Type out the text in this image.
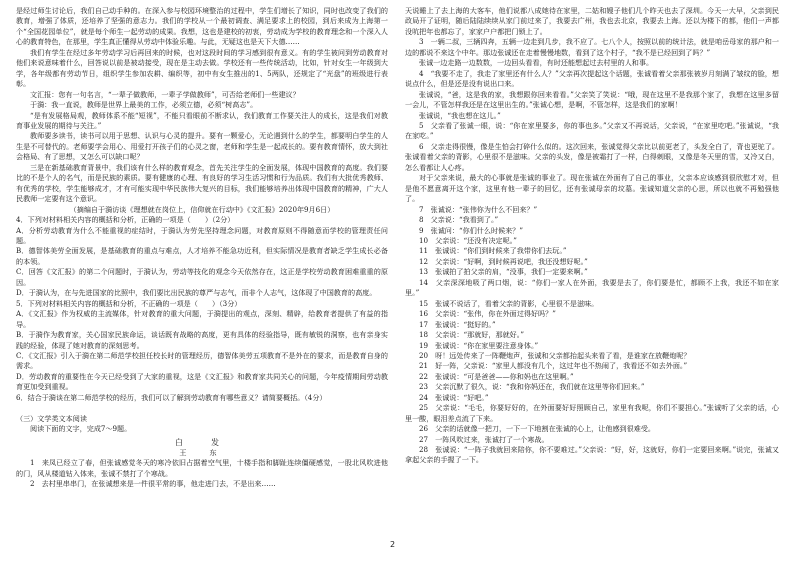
是经过师生讨论后，我们自己动手种的。在深入参与校园环境整治的过程中，学生们增长了知识，同时也改变了我们的教育，增强了体质，还培养了坚强的意志力。我们的学校从一个最初调查、满足要求上的校园，到后来成为上海第一个“全国花园单位”，就是每个师生一起劳动的成果。我想，这也是建校的初衷，劳动成为学校的教育理念和一个深入人心的教育特色，在那里，学生真正懂得从劳动中体验乐趣。与此，无疑这也是天下大德……

我们有学生在经过多年劳动学习后再回来的时候，也对这段时间的学习感到很有意义。有的学生被问到劳动教育对他们来说意味着什么，回答说以前是被动接受，现在是主动去做。学校还有一些传统活动，比如，针对女生一年级到大学，各年级都有劳动节日，组织学生参加农耕、编织等，初中有女生推出的1、5两队，还规定了“光盘”的班级进行表彰。

文汇报：您有一句名言，“一辈子做教师，一辈子学做教师”，可否给老师们一些建议？

于漪：我一直说，教师是世界上最美的工作，必须立德，必须“树高志”。

“是有发展格局观，教师体系不能“短视”，不能只看眼前不断求认，我们教育工作要关注人的成长，这是我们对教育事业发展的期待与关注。”

教师要多读书，读书可以用于思想、认识与心灵的提升。要有一颗爱心，无论遇到什么的学生，都要明白学生的人生是不可替代的。老师要学会用心、用爱打开孩子们的心灵之窗，老师和学生是一起成长的。要有教育情怀，放大到社会格局、有了思想，又怎么可以缺口呢？

三是在新基础教育背景中，我们该有什么样的教育观念，首先关注学生的全面发展，体现中国教育的高度。我们要比的不是个人的名气，而是民族的素质。要有健康的心理、有良好的学习生活习惯和行为品质。我们有大批优秀教师、有优秀的学校，学生能够成才，才有可能实现中华民族伟大复兴的目标，我们能够培养出体现中国教育的精神，广大人民教师一定要有这个意识。

（摘编自于漪访谈《理想就在岗位上，信仰就在行动中》《文汇报》2020年9月6日）

4．下列对材料相关内容的概括和分析，正确的一项是（　　）（2分）

A．分析劳动教育为什么不能重视的症结时，于漪认为劳先坚持理念问题，对教育原则不得随意而学校的管理责任问题。

B．德智体美劳全面发展，是基础教育的重点与难点，人才培养不能急功近利，但实际情况是教育者缺乏学生成长必备的本领。

C．回答《文汇报》的第二个问题时，于漪认为，劳动等技化的观念今天依然存在，这正是学校劳动教育困难重重的原因。

D．于漪认为，在与先进国家的比照中，我们要比出民族的尊严与志气，而非个人志气，这体现了中国教育的高度。

5．下列对材料相关内容的概括和分析，不正确的一项是（　　）（3分）

A．《文汇报》作为权威的主流媒体，针对教育的重大问题，于漪提出的观点，深刻、精辟，给教育者提供了有益的指导。

B．于漪作为教育家，关心国家民族命运，谈话既有战略的高度，更有具体的经验指导，既有敏锐的洞察，也有亲身实践的经验，体现了她对教育的深刻思考。

C．《文汇报》引入于漪在第二师范学校担任校长时的管理经历，德智体美劳五项教育不是外在的要求，而是教育自身的需求。

D．劳动教育的重要性在今天已经受到了大家的重视，这是《文汇报》和教育家共同关心的问题，今年疫情期间劳动教育更加受到重视。

6．结合于漪谈在第二师范学校的经历，我们可以了解到劳动教育有哪些意义？请简要概括。（4分）

（三）文学类文本阅读

阅读下面的文字，完成7～9题。

白　发

王　东

1　来凤已经立了春，但张诚感觉冬天的寒冷依旧占据着空气里，十楼手指和脚趾连续僵硬感觉，一股北风吹进他的门，风从楼道钻入体来，张诚不禁打了个寒战。

2　去村里串串门，在张诚想来是一件很平常的事，他走进门去，不是出来……

天说睡上了去上海的大客车，他们说都八成她待在家里，二姑和嫂子他们几个昨天也去了深圳。今天一大早，父亲到民政局开了证明，随后陆陆续续从家门前过来了，我要去广州，我也去北京，我要去上海。还以为楼下的都，他们一声都没吭把年也都忘了，家家户户都把门锁上了。

3　一辆二叔，三辆四奔，五辆一边走到几步，我不应了。七八个人，按照以前的统计法，就是咱岳母家的那户和一边的都说不来这个中年。那边张诚还在走着慢慢地数，看到了这个村子，“我不是已经回到了吗？”

张诚一边走路一边数数，一边回头看看，有时还能想起过去村里的人和事。

4　“我要不走了，我走了家里还有什么人？”父亲再次提起这个话题，张诚看着父亲那张被岁月刻满了皱纹的脸，想说点什么，但是还是没有说出口来。

张诚说，“爸，这是我的家，我想跟你回来看看。”父亲笑了笑说：“哦，现在这里不是我那个家了，我想在这里多留一会儿，不管怎样我还是在这里出生的。”张诚心想，是啊，不管怎样，这是我们的家啊！

张诚说，“我也想在这儿。”

5　父亲看了张诚一眼，说：“你在家里要多，你的事也多。”父亲又不再说话，父亲说，“在家里吃吧。”张诚说，“我在家吃。”

6　父亲走得很慢，像是生怕会打碎什么似的。这次回来，张诚觉得父亲比以前更老了，头发全白了，背也更驼了。张诚看着父亲的背影，心里很不是滋味。父亲的头发，像是被霜打了一样，白得刺眼，又像是冬天里的雪，又冷又白，怎么看都让人心疼。

对于父亲来说，最大的心事就是张诚的事业了。现在张诚在外面有了自己的事业，父亲本应该感到很欣慰才对，但是他不愿意离开这个家，这里有他一辈子的回忆，还有张诚母亲的坟墓。张诚知道父亲的心思，所以也就不再勉强他了。

7　张诚说：“张伟你为什么不回来？”

8　父亲说：“我看到了。”

9　张诚问：“你们什么时候来？”

10　父亲说：“还没有决定呢。”

11　张诚说：“你们到时候来了我带你们去玩。”

12　父亲说：“好啊，到时候再说吧，我还没想好呢。”

13　张诚拍了拍父亲的肩，“没事，我们一定要来啊。”

14　父亲深深地吸了两口烟，说：“你们一家人在外面，我要是去了，你们要是忙，都顾不上我，我还不如在家里。”

15　张诚不说话了，看着父亲的背影，心里很不是滋味。

16　父亲说：“张伟，你在外面过得好吗？”

17　张诚说：“挺好的。”

18　父亲说：“那就好，那就好。”

19　张诚说：“你在家里要注意身体。”

20　呀！远处传来了一阵鞭炮声，张诚和父亲都抬起头来看了看，是谁家在放鞭炮呢？

21　好一阵，父亲说：“家里人都没有几个，这过年也不热闹了，我看还不如去外面。”

22　张诚说：“可是爸爸——你和妈也在这里啊。”

23　父亲沉默了很久，说：“我和你妈还在，我们就在这里等你们回来。”

24　张诚说：“好吧。”

25　父亲说：“毛毛，你要好好的，在外面要好好照顾自己，家里有我呢，你们不要担心。”张诚听了父亲的话，心里一酸，眼泪差点流了下来。

26　父亲的话就像一把刀，一下一下地割在张诚的心上，让他感到很难受。

27　一阵风吹过来，张诚打了一个寒战。

28　张诚说：“一阵子我就回来陪你，你不要难过。”父亲说：“好，好，这就好，你们一定要回来啊。”说完，张诚又拿起父亲的手握了一下。

2
